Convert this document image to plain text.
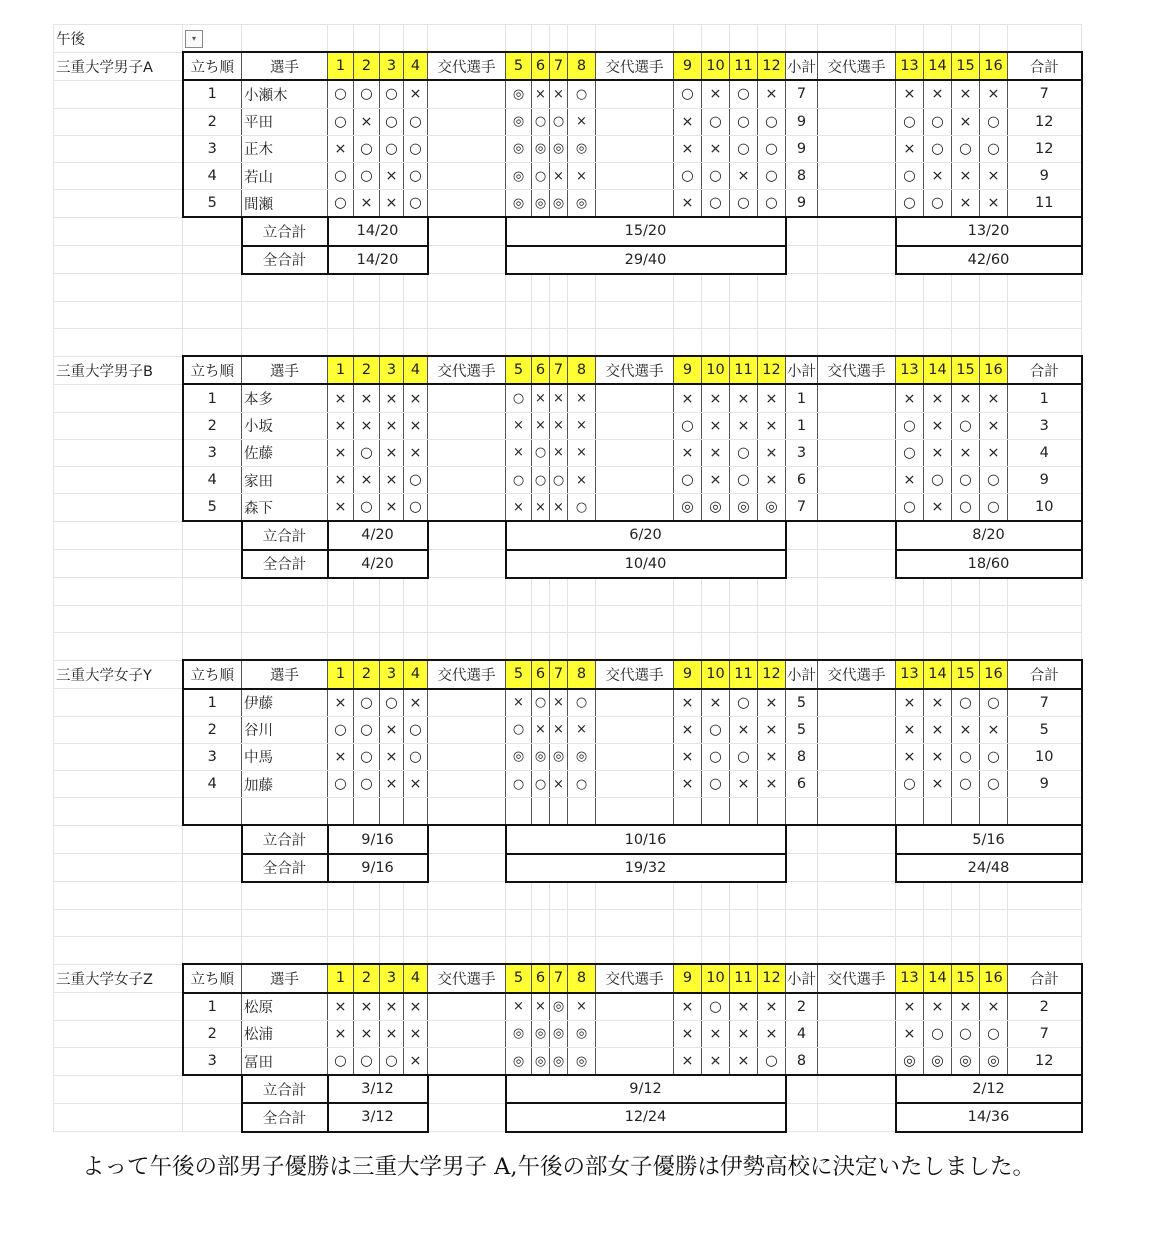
午後	▾																						
三重大学男子A	立ち順	選手	1	2	3	4	交代選手	5	6	7	8	交代選手	9	10	11	12	小計	交代選手	13	14	15	16	合計
	1	小瀬木	○	○	○	×		◎	×	×	○		○	×	○	×	7		×	×	×	×	7
	2	平田	○	×	○	○		◎	○	○	×		×	○	○	○	9		○	○	×	○	12
	3	正木	×	○	○	○		◎	◎	◎	◎		×	×	○	○	9		×	○	○	○	12
	4	若山	○	○	×	○		◎	○	×	×		○	○	×	○	8		○	×	×	×	9
	5	間瀬	○	×	×	○		◎	◎	◎	◎		×	○	○	○	9		○	○	×	×	11
		立合計	14/20					15/20											13/20				
		全合計	14/20					29/40											42/60				

三重大学男子B	立ち順	選手	1	2	3	4	交代選手	5	6	7	8	交代選手	9	10	11	12	小計	交代選手	13	14	15	16	合計
	1	本多	×	×	×	×		○	×	×	×		×	×	×	×	1		×	×	×	×	1
	2	小坂	×	×	×	×		×	×	×	×		○	×	×	×	1		○	×	○	×	3
	3	佐藤	×	○	×	×		×	○	×	×		×	×	○	×	3		○	×	×	×	4
	4	家田	×	×	×	○		○	○	○	×		○	×	○	×	6		×	○	○	○	9
	5	森下	×	○	×	○		×	×	×	○		◎	◎	◎	◎	7		○	×	○	○	10
		立合計	4/20					6/20											8/20				
		全合計	4/20					10/40											18/60				

三重大学女子Y	立ち順	選手	1	2	3	4	交代選手	5	6	7	8	交代選手	9	10	11	12	小計	交代選手	13	14	15	16	合計
	1	伊藤	×	○	○	×		×	○	×	○		×	×	○	×	5		×	×	○	○	7
	2	谷川	○	○	×	○		○	×	×	×		×	○	×	×	5		×	×	×	×	5
	3	中馬	×	○	×	○		◎	◎	◎	◎		×	○	○	×	8		×	×	○	○	10
	4	加藤	○	○	×	×		○	○	×	○		×	○	×	×	6		○	×	○	○	9

		立合計	9/16					10/16											5/16				
		全合計	9/16					19/32											24/48				

三重大学女子Z	立ち順	選手	1	2	3	4	交代選手	5	6	7	8	交代選手	9	10	11	12	小計	交代選手	13	14	15	16	合計
	1	松原	×	×	×	×		×	×	◎	×		×	○	×	×	2		×	×	×	×	2
	2	松浦	×	×	×	×		◎	◎	◎	◎		×	×	×	×	4		×	○	○	○	7
	3	冨田	○	○	○	×		◎	◎	◎	◎		×	×	×	○	8		◎	◎	◎	◎	12
		立合計	3/12					9/12											2/12				
		全合計	3/12					12/24											14/36				

よって午後の部男子優勝は三重大学男子 A,午後の部女子優勝は伊勢高校に決定いたしました。
